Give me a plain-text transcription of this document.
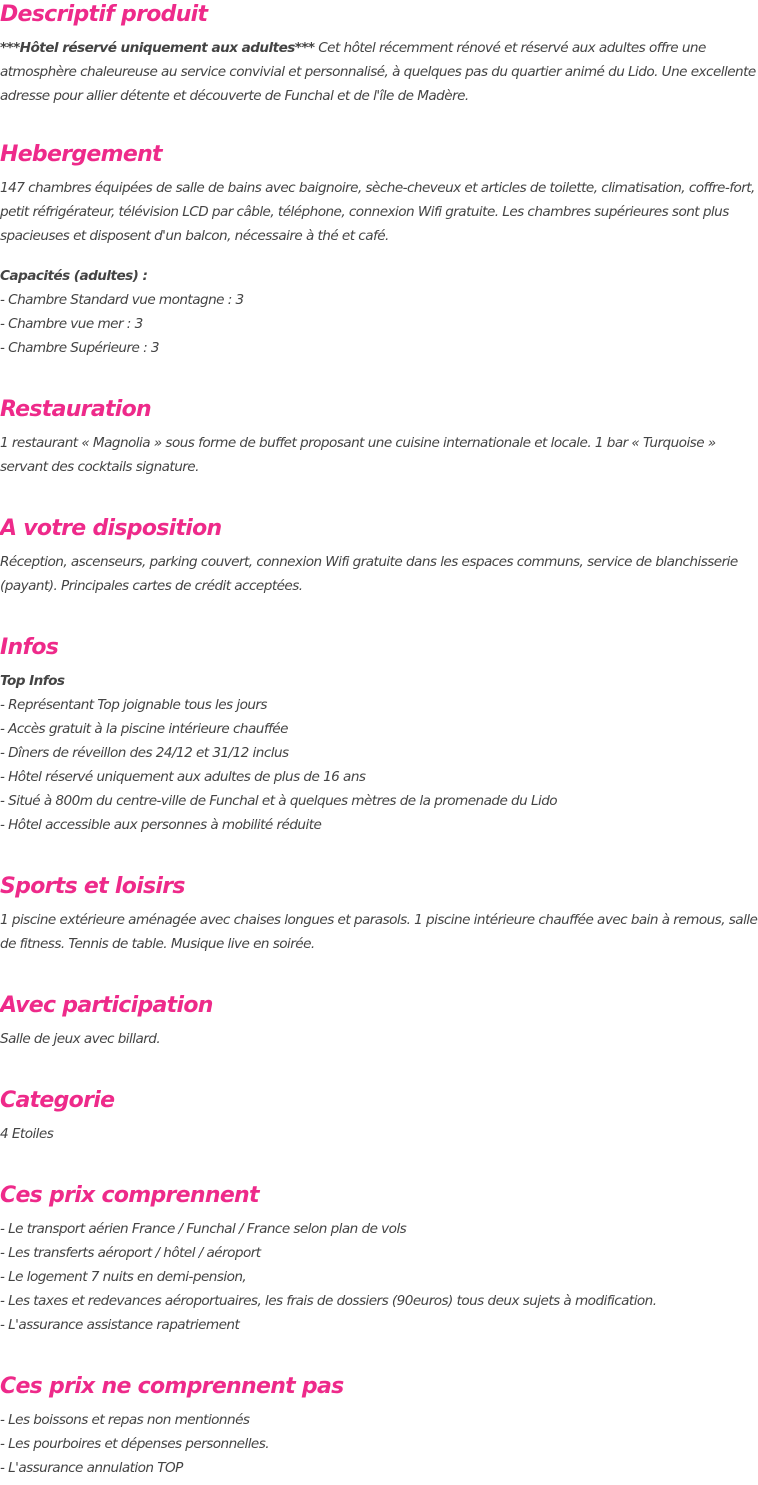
Descriptif produit

***Hôtel réservé uniquement aux adultes*** Cet hôtel récemment rénové et réservé aux adultes offre une atmosphère chaleureuse au service convivial et personnalisé, à quelques pas du quartier animé du Lido. Une excellente adresse pour allier détente et découverte de Funchal et de l'île de Madère.

Hebergement

147 chambres équipées de salle de bains avec baignoire, sèche-cheveux et articles de toilette, climatisation, coffre-fort, petit réfrigérateur, télévision LCD par câble, téléphone, connexion Wifi gratuite. Les chambres supérieures sont plus spacieuses et disposent d'un balcon, nécessaire à thé et café.

Capacités (adultes) :
- Chambre Standard vue montagne : 3
- Chambre vue mer : 3
- Chambre Supérieure : 3
Restauration

1 restaurant « Magnolia » sous forme de buffet proposant une cuisine internationale et locale. 1 bar « Turquoise » servant des cocktails signature.

A votre disposition

Réception, ascenseurs, parking couvert, connexion Wifi gratuite dans les espaces communs, service de blanchisserie (payant). Principales cartes de crédit acceptées.

Infos
Top Infos
- Représentant Top joignable tous les jours
- Accès gratuit à la piscine intérieure chauffée
- Dîners de réveillon des 24/12 et 31/12 inclus
- Hôtel réservé uniquement aux adultes de plus de 16 ans
- Situé à 800m du centre-ville de Funchal et à quelques mètres de la promenade du Lido
- Hôtel accessible aux personnes à mobilité réduite
Sports et loisirs

1 piscine extérieure aménagée avec chaises longues et parasols. 1 piscine intérieure chauffée avec bain à remous, salle de fitness. Tennis de table. Musique live en soirée.

Avec participation

Salle de jeux avec billard.

Categorie

4 Etoiles

Ces prix comprennent
- Le transport aérien France / Funchal / France selon plan de vols
- Les transferts aéroport / hôtel / aéroport
- Le logement 7 nuits en demi-pension,
- Les taxes et redevances aéroportuaires, les frais de dossiers (90euros) tous deux sujets à modification.
- L'assurance assistance rapatriement
Ces prix ne comprennent pas
- Les boissons et repas non mentionnés
- Les pourboires et dépenses personnelles.
- L'assurance annulation TOP
